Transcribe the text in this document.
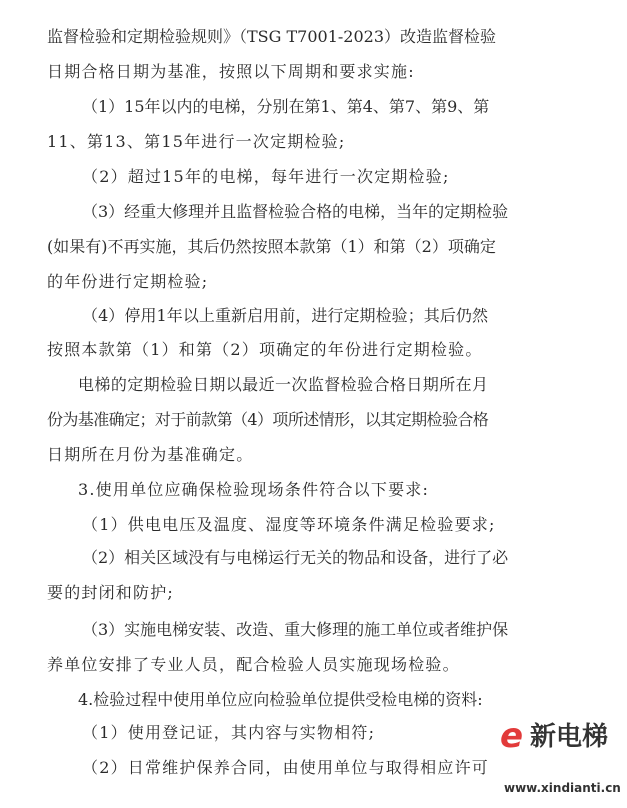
监督检验和定期检验规则》（TSG T7001-2023）改造监督检验
日期合格日期为基准，按照以下周期和要求实施:
（1）15年以内的电梯，分别在第1、第4、第7、第9、第
11、第13、第15年进行一次定期检验;
（2）超过15年的电梯，每年进行一次定期检验;
（3）经重大修理并且监督检验合格的电梯，当年的定期检验
(如果有)不再实施，其后仍然按照本款第（1）和第（2）项确定
的年份进行定期检验;
（4）停用1年以上重新启用前，进行定期检验；其后仍然
按照本款第（1）和第（2）项确定的年份进行定期检验。
电梯的定期检验日期以最近一次监督检验合格日期所在月
份为基准确定；对于前款第（4）项所述情形，以其定期检验合格
日期所在月份为基准确定。
3.使用单位应确保检验现场条件符合以下要求:
（1）供电电压及温度、湿度等环境条件满足检验要求;
（2）相关区域没有与电梯运行无关的物品和设备，进行了必
要的封闭和防护;
（3）实施电梯安装、改造、重大修理的施工单位或者维护保
养单位安排了专业人员，配合检验人员实施现场检验。
4.检验过程中使用单位应向检验单位提供受检电梯的资料:
（1）使用登记证，其内容与实物相符;
（2）日常维护保养合同，由使用单位与取得相应许可
e 新电梯
www.xindianti.cn
